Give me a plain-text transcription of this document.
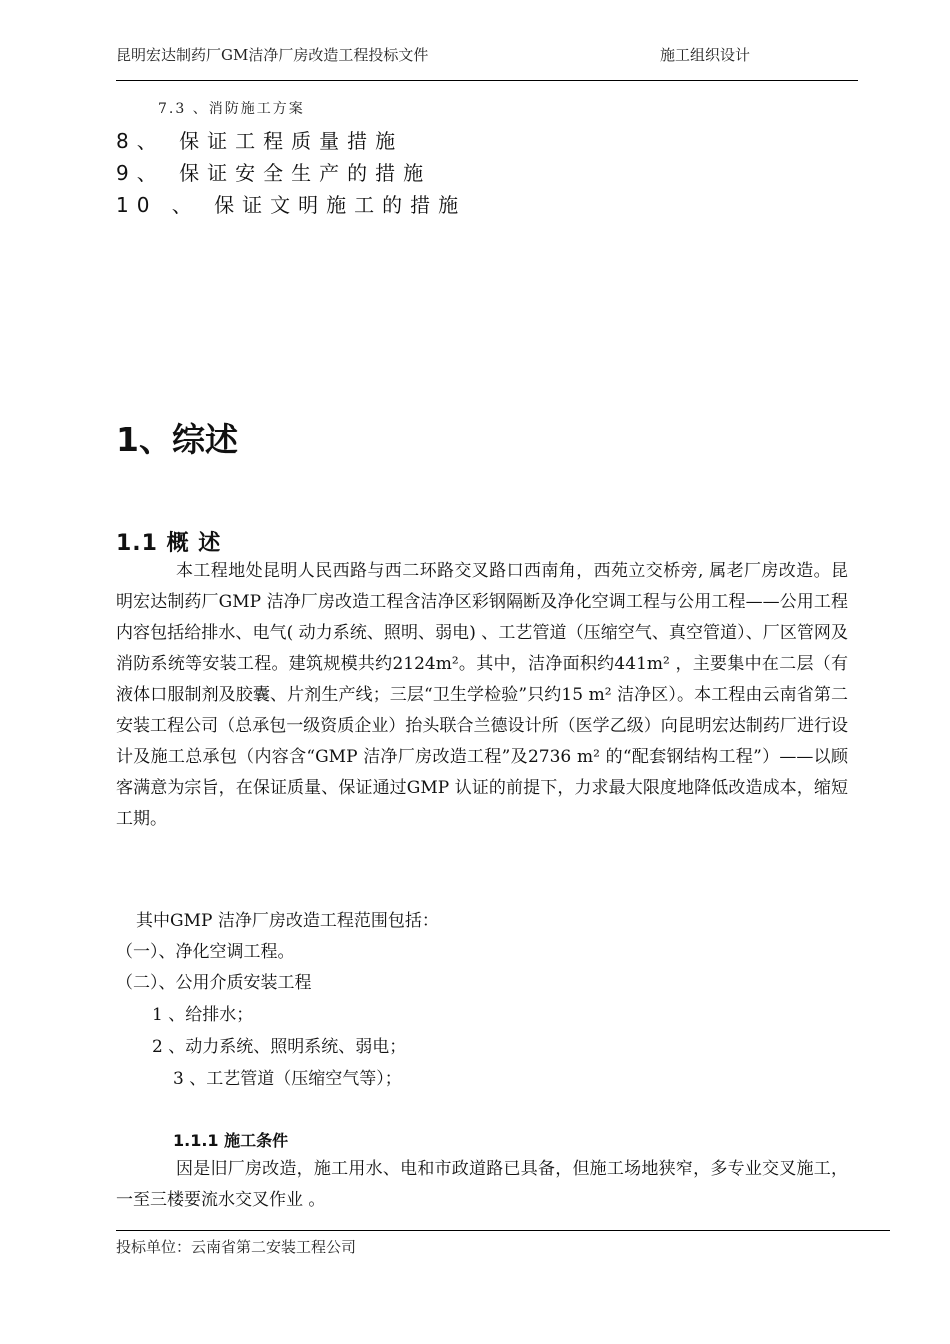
昆明宏达制药厂GM洁净厂房改造工程投标文件	施工组织设计
7.3 、消防施工方案
8、 保证工程质量措施
9、 保证安全生产的措施
10 、 保证文明施工的措施
1、综述
1.1 概 述
本工程地处昆明人民西路与西二环路交叉路口西南角，西苑立交桥旁, 属老厂房改造。昆明宏达制药厂GMP 洁净厂房改造工程含洁净区彩钢隔断及净化空调工程与公用工程——公用工程内容包括给排水、电气( 动力系统、照明、弱电) 、工艺管道（压缩空气、真空管道）、厂区管网及消防系统等安装工程。建筑规模共约2124m²。其中，洁净面积约441m² ，主要集中在二层（有液体口服制剂及胶囊、片剂生产线；三层“卫生学检验”只约15 m² 洁净区）。本工程由云南省第二安装工程公司（总承包一级资质企业）抬头联合兰德设计所（医学乙级）向昆明宏达制药厂进行设计及施工总承包（内容含“GMP 洁净厂房改造工程”及2736 m² 的“配套钢结构工程”）——以顾客满意为宗旨，在保证质量、保证通过GMP 认证的前提下，力求最大限度地降低改造成本，缩短工期。
其中GMP 洁净厂房改造工程范围包括：
（一）、净化空调工程。
（二）、公用介质安装工程
1 、给排水；
2 、动力系统、照明系统、弱电；
3 、工艺管道（压缩空气等）；
1.1.1 施工条件
因是旧厂房改造，施工用水、电和市政道路已具备，但施工场地狭窄，多专业交叉施工，一至三楼要流水交叉作业 。
投标单位：云南省第二安装工程公司
